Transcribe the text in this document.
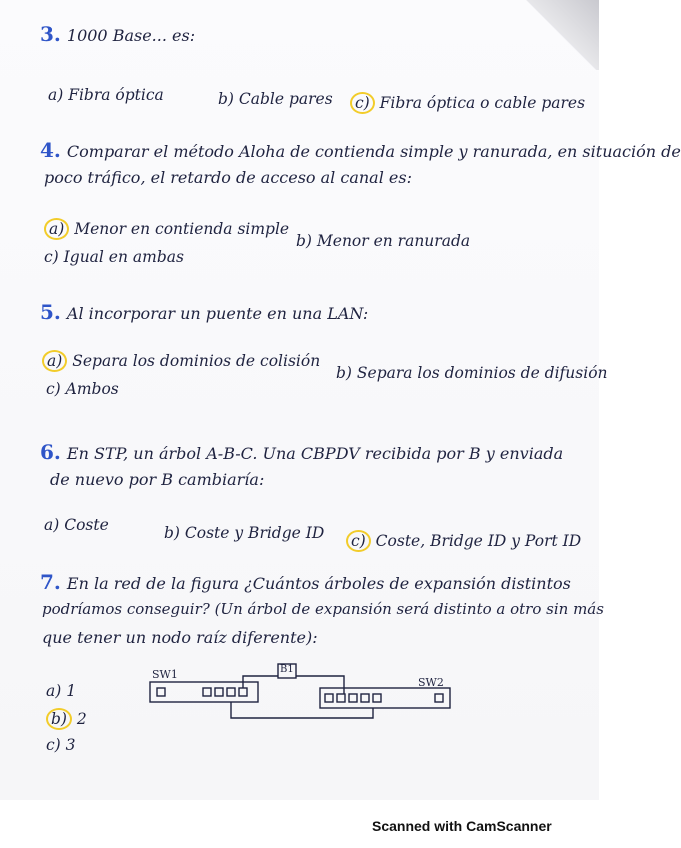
3. 1000 Base... es:
a) Fibra óptica	b) Cable pares	c) Fibra óptica o cable pares
4. Comparar el método Aloha de contienda simple y ranurada, en situación de
poco tráfico, el retardo de acceso al canal es:
a) Menor en contienda simple
b) Menor en ranurada
c) Igual en ambas
5. Al incorporar un puente en una LAN:
a) Separa los dominios de colisión
b) Separa los dominios de difusión
c) Ambos
6. En STP, un árbol A-B-C. Una CBPDV recibida por B y enviada
de nuevo por B cambiaría:
a) Coste	b) Coste y Bridge ID	c) Coste, Bridge ID y Port ID
7. En la red de la figura ¿Cuántos árboles de expansión distintos
podríamos conseguir? (Un árbol de expansión será distinto a otro sin más
que tener un nodo raíz diferente):
a) 1
b) 2
c) 3
SW1
SW2
B1
Scanned with CamScanner
